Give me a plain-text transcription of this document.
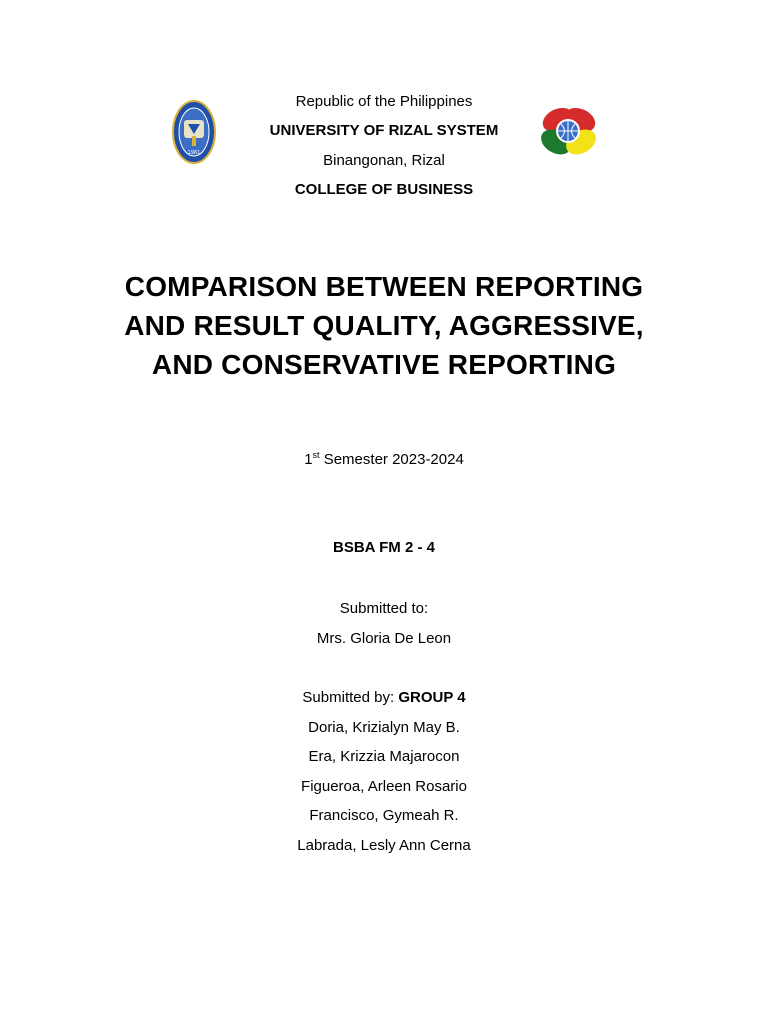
1961
Republic of the Philippines
UNIVERSITY OF RIZAL SYSTEM
Binangonan, Rizal
COLLEGE OF BUSINESS
COMPARISON BETWEEN REPORTING
AND RESULT QUALITY, AGGRESSIVE,
AND CONSERVATIVE REPORTING
1st Semester 2023-2024
BSBA FM 2 - 4
Submitted to:
Mrs. Gloria De Leon
Submitted by: GROUP 4
Doria, Krizialyn May B.
Era, Krizzia Majarocon
Figueroa, Arleen Rosario
Francisco, Gymeah R.
Labrada, Lesly Ann Cerna
